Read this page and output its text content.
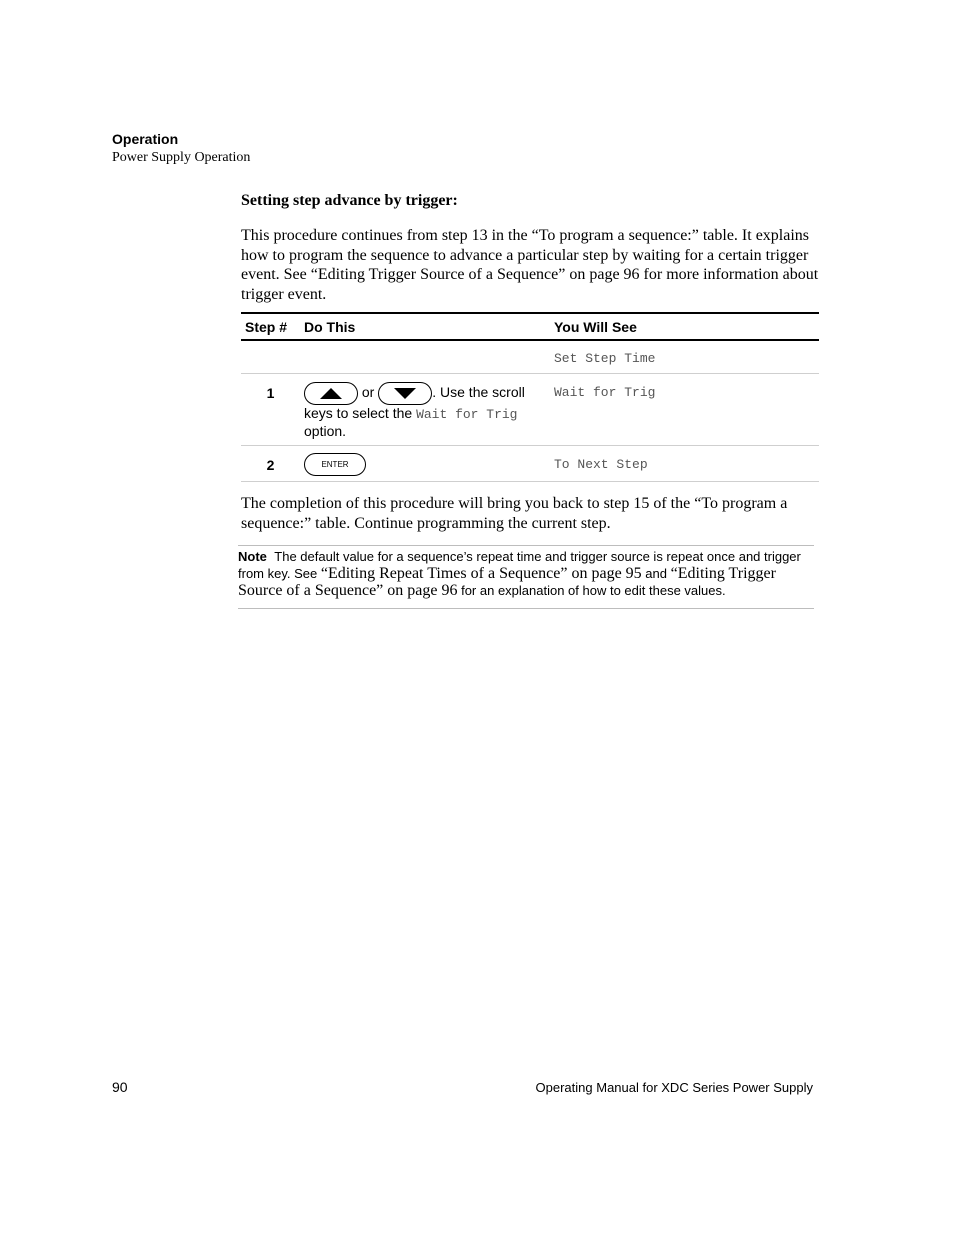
Operation
Power Supply Operation
Setting step advance by trigger:
This procedure continues from step 13 in the “To program a sequence:” table. It explains how to program the sequence to advance a particular step by waiting for a certain trigger event. See “Editing Trigger Source of a Sequence” on page 96 for more information about trigger event.
Step #	Do This	You Will See
		Set Step Time
1	or . Use the scroll keys to select the Wait for Trig option.	Wait for Trig
2	ENTER	To Next Step
The completion of this procedure will bring you back to step 15 of the “To program a sequence:” table. Continue programming the current step.
Note The default value for a sequence’s repeat time and trigger source is repeat once and trigger from key. See “Editing Repeat Times of a Sequence” on page 95 and “Editing Trigger Source of a Sequence” on page 96 for an explanation of how to edit these values.
90	Operating Manual for XDC Series Power Supply
